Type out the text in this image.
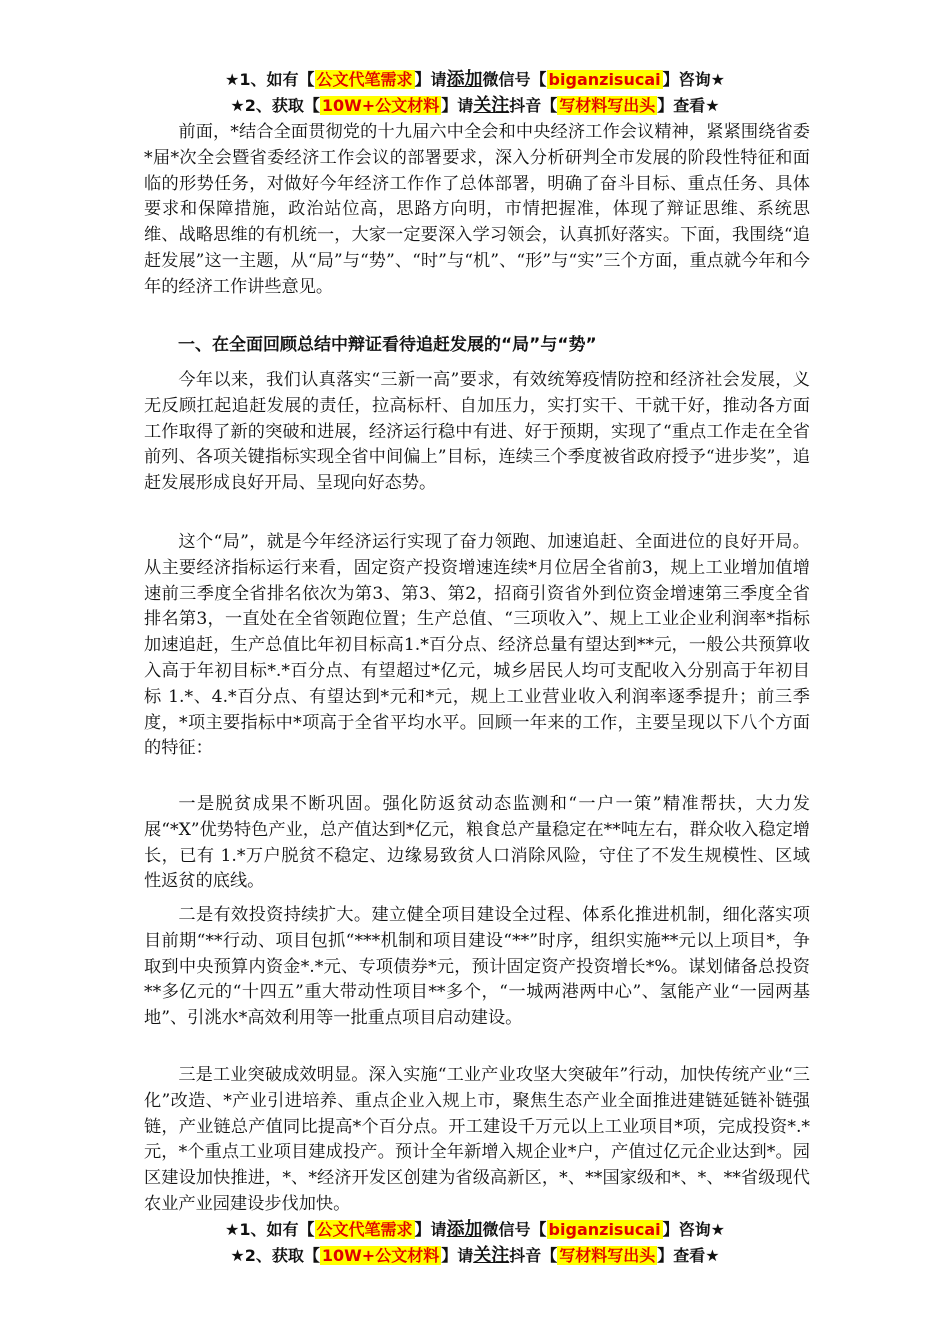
★1、如有【 公文代笔需求 】请添加微信号【 biganzisucai 】咨询★
★2、获取【 10W+公文材料 】请关注抖音【 写材料写出头 】查看★

前面，*结合全面贯彻党的十九届六中全会和中央经济工作会议精神，紧紧围绕省委*届*次全会暨省委经济工作会议的部署要求，深入分析研判全市发展的阶段性特征和面临的形势任务，对做好今年经济工作作了总体部署，明确了奋斗目标、重点任务、具体要求和保障措施，政治站位高，思路方向明，市情把握准，体现了辩证思维、系统思维、战略思维的有机统一，大家一定要深入学习领会，认真抓好落实。下面，我围绕“追赶发展”这一主题，从“局”与“势”、“时”与“机”、“形”与“实”三个方面，重点就今年和今年的经济工作讲些意见。

一、在全面回顾总结中辩证看待追赶发展的“局”与“势”

今年以来，我们认真落实“三新一高”要求，有效统筹疫情防控和经济社会发展，义无反顾扛起追赶发展的责任，拉高标杆、自加压力，实打实干、干就干好，推动各方面工作取得了新的突破和进展，经济运行稳中有进、好于预期，实现了“重点工作走在全省前列、各项关键指标实现全省中间偏上”目标，连续三个季度被省政府授予“进步奖”，追赶发展形成良好开局、呈现向好态势。

这个“局”，就是今年经济运行实现了奋力领跑、加速追赶、全面进位的良好开局。从主要经济指标运行来看，固定资产投资增速连续*月位居全省前3，规上工业增加值增速前三季度全省排名依次为第3、第3、第2，招商引资省外到位资金增速第三季度全省排名第3，一直处在全省领跑位置；生产总值、“三项收入”、规上工业企业利润率*指标加速追赶，生产总值比年初目标高1.*百分点、经济总量有望达到**元，一般公共预算收入高于年初目标*.*百分点、有望超过*亿元，城乡居民人均可支配收入分别高于年初目标 1.*、4.*百分点、有望达到*元和*元，规上工业营业收入利润率逐季提升；前三季度，*项主要指标中*项高于全省平均水平。回顾一年来的工作，主要呈现以下八个方面的特征：

一是脱贫成果不断巩固。强化防返贫动态监测和“一户一策”精准帮扶，大力发展“*X”优势特色产业，总产值达到*亿元，粮食总产量稳定在**吨左右，群众收入稳定增长，已有 1.*万户脱贫不稳定、边缘易致贫人口消除风险，守住了不发生规模性、区域性返贫的底线。

二是有效投资持续扩大。建立健全项目建设全过程、体系化推进机制，细化落实项目前期“**行动、项目包抓“***机制和项目建设“**”时序，组织实施**元以上项目*，争取到中央预算内资金*.*元、专项债券*元，预计固定资产投资增长*%。谋划储备总投资**多亿元的“十四五”重大带动性项目**多个，“一城两港两中心”、氢能产业“一园两基地”、引洮水*高效利用等一批重点项目启动建设。

三是工业突破成效明显。深入实施“工业产业攻坚大突破年”行动，加快传统产业“三化”改造、*产业引进培养、重点企业入规上市，聚焦生态产业全面推进建链延链补链强链，产业链总产值同比提高*个百分点。开工建设千万元以上工业项目*项，完成投资*.*元，*个重点工业项目建成投产。预计全年新增入规企业*户，产值过亿元企业达到*。园区建设加快推进，*、*经济开发区创建为省级高新区，*、**国家级和*、*、**省级现代农业产业园建设步伐加快。

★1、如有【 公文代笔需求 】请添加微信号【 biganzisucai 】咨询★
★2、获取【 10W+公文材料 】请关注抖音【 写材料写出头 】查看★
